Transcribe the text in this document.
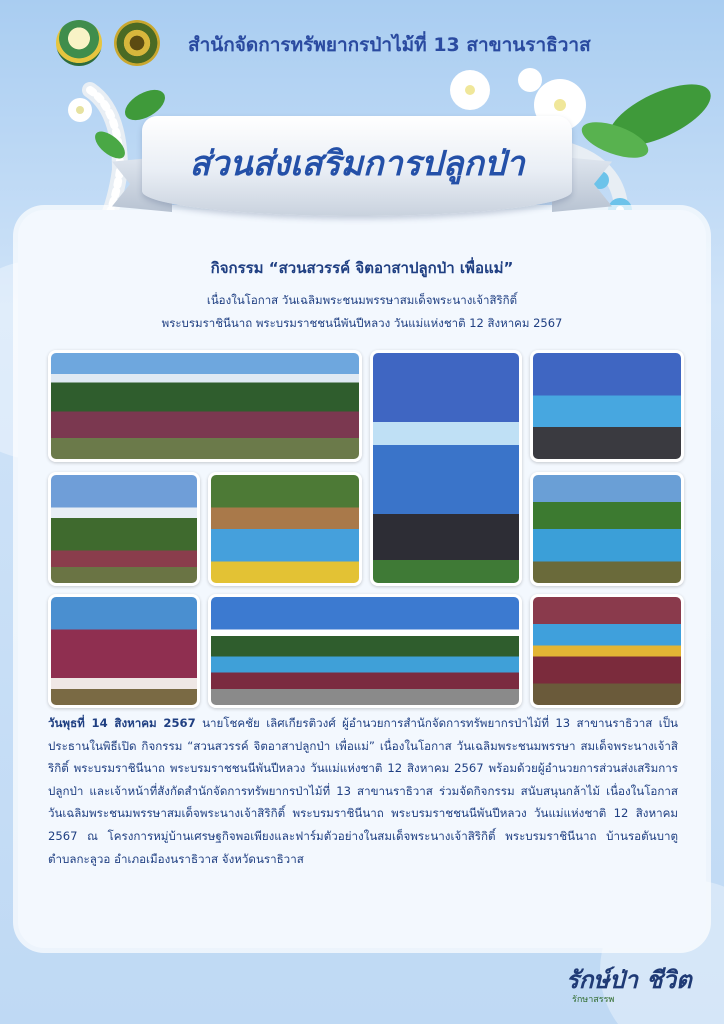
สำนักจัดการทรัพยากรป่าไม้ที่ 13 สาขานราธิวาส
ส่วนส่งเสริมการปลูกป่า
กิจกรรม “สวนสวรรค์ จิตอาสาปลูกป่า เพื่อแม่”
เนื่องในโอกาส วันเฉลิมพระชนมพรรษาสมเด็จพระนางเจ้าสิริกิติ์
พระบรมราชินีนาถ พระบรมราชชนนีพันปีหลวง วันแม่แห่งชาติ 12 สิงหาคม 2567
วันพุธที่ 14 สิงหาคม 2567 นายโชคชัย เลิศเกียรติวงศ์ ผู้อำนวยการสำนักจัดการทรัพยากรป่าไม้ที่ 13 สาขานราธิวาส เป็นประธานในพิธีเปิด กิจกรรม “สวนสวรรค์ จิตอาสาปลูกป่า เพื่อแม่” เนื่องในโอกาส วันเฉลิมพระชนมพรรษา สมเด็จพระนางเจ้าสิริกิติ์ พระบรมราชินีนาถ พระบรมราชชนนีพันปีหลวง วันแม่แห่งชาติ 12 สิงหาคม 2567 พร้อมด้วยผู้อำนวยการส่วนส่งเสริมการปลูกป่า และเจ้าหน้าที่สังกัดสำนักจัดการทรัพยากรป่าไม้ที่ 13 สาขานราธิวาส ร่วมจัดกิจกรรม สนับสนุนกล้าไม้ เนื่องในโอกาส วันเฉลิมพระชนมพรรษาสมเด็จพระนางเจ้าสิริกิติ์ พระบรมราชินีนาถ พระบรมราชชนนีพันปีหลวง วันแม่แห่งชาติ 12 สิงหาคม 2567 ณ โครงการหมู่บ้านเศรษฐกิจพอเพียงและฟาร์มตัวอย่างในสมเด็จพระนางเจ้าสิริกิติ์ พระบรมราชินีนาถ บ้านรอตันบาตู ตำบลกะลูวอ อำเภอเมืองนราธิวาส จังหวัดนราธิวาส
รักษ์ป่า ชีวิต
รักษาสรรพ
